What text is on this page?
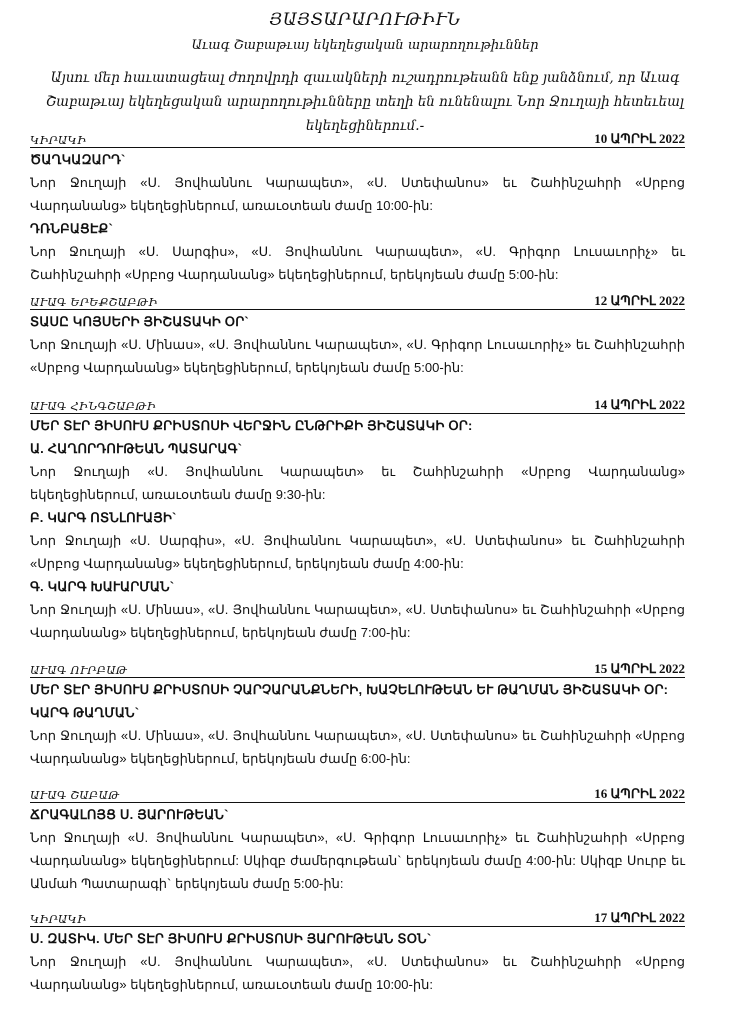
ՅԱՅՏԱՐԱՐՈՒԹԻՒՆ
Աւագ Շաբաթւայ եկեղեցական արարողութիւններ
Այսու մեր հաւատացեալ ժողովրդի զաւակների ուշադրութեանն ենք յանձնում, որ Աւագ Շաբաթւայ եկեղեցական արարողութիւնները տեղի են ունենալու Նոր Ջուղայի հետեւեալ եկեղեցիներում.-
ԿԻՐԱԿԻ	10 ԱՊՐԻԼ 2022
ԾԱՂԿԱԶԱՐԴ`
Նոր Ջուղայի «Ս. Յովհաննու Կարապետ», «Ս. Ստեփանոս» եւ Շահինշահրի «Սրբոց Վարդանանց» եկեղեցիներում, առաւօտեան ժամը 10:00-ին:
ԴՌՆԲԱՑԷՔ`
Նոր Ջուղայի «Ս. Սարգիս», «Ս. Յովհաննու Կարապետ», «Ս. Գրիգոր Լուսաւորիչ» եւ Շահինշահրի «Սրբոց Վարդանանց» եկեղեցիներում, երեկոյեան ժամը 5:00-ին:
ԱՒԱԳ ԵՐԵՔՇԱԲԹԻ	12 ԱՊՐԻԼ 2022
ՏԱՍԸ ԿՈՅՍԵՐԻ ՅԻՇԱՏԱԿԻ ՕՐ`
Նոր Ջուղայի «Ս. Մինաս», «Ս. Յովհաննու Կարապետ», «Ս. Գրիգոր Լուսաւորիչ» եւ Շահինշահրի «Սրբոց Վարդանանց» եկեղեցիներում, երեկոյեան ժամը 5:00-ին:
ԱՒԱԳ ՀԻՆԳՇԱԲԹԻ	14 ԱՊՐԻԼ 2022
ՄԵՐ ՏԷՐ ՅԻՍՈՒՍ ՔՐԻՍՏՈՍԻ ՎԵՐՋԻՆ ԸՆԹՐԻՔԻ ՅԻՇԱՏԱԿԻ ՕՐ:
Ա. ՀԱՂՈՐԴՈՒԹԵԱՆ ՊԱՏԱՐԱԳ`
Նոր Ջուղայի «Ս. Յովհաննու Կարապետ» եւ Շահինշահրի «Սրբոց Վարդանանց» եկեղեցիներում, առաւօտեան ժամը 9:30-ին:
Բ. ԿԱՐԳ ՈՏՆԼՈՒԱՅԻ`
Նոր Ջուղայի «Ս. Սարգիս», «Ս. Յովհաննու Կարապետ», «Ս. Ստեփանոս» եւ Շահինշահրի «Սրբոց Վարդանանց» եկեղեցիներում, երեկոյեան ժամը 4:00-ին:
Գ. ԿԱՐԳ ԽԱՒԱՐՄԱՆ`
Նոր Ջուղայի «Ս. Մինաս», «Ս. Յովհաննու Կարապետ», «Ս. Ստեփանոս» եւ Շահինշահրի «Սրբոց Վարդանանց» եկեղեցիներում, երեկոյեան ժամը 7:00-ին:
ԱՒԱԳ ՈՒՐԲԱԹ	15 ԱՊՐԻԼ 2022
ՄԵՐ ՏԷՐ ՅԻՍՈՒՍ ՔՐԻՍՏՈՍԻ ՉԱՐՉԱՐԱՆՔՆԵՐԻ, ԽԱՉԵԼՈՒԹԵԱՆ ԵՒ ԹԱՂՄԱՆ ՅԻՇԱՏԱԿԻ ՕՐ:
ԿԱՐԳ ԹԱՂՄԱՆ`
Նոր Ջուղայի «Ս. Մինաս», «Ս. Յովհաննու Կարապետ», «Ս. Ստեփանոս» եւ Շահինշահրի «Սրբոց Վարդանանց» եկեղեցիներում, երեկոյեան ժամը 6:00-ին:
ԱՒԱԳ ՇԱԲԱԹ	16 ԱՊՐԻԼ 2022
ՃՐԱԳԱԼՈՅՑ Ս. ՅԱՐՈՒԹԵԱՆ`
Նոր Ջուղայի «Ս. Յովհաննու Կարապետ», «Ս. Գրիգոր Լուսաւորիչ» եւ Շահինշահրի «Սրբոց Վարդանանց» եկեղեցիներում: Սկիզբ ժամերգութեան` երեկոյեան ժամը 4:00-ին: Սկիզբ Սուրբ եւ Անմահ Պատարագի` երեկոյեան ժամը 5:00-ին:
ԿԻՐԱԿԻ	17 ԱՊՐԻԼ 2022
Ս. ԶԱՏԻԿ. ՄԵՐ ՏԷՐ ՅԻՍՈՒՍ ՔՐԻՍՏՈՍԻ ՅԱՐՈՒԹԵԱՆ ՏՕՆ`
Նոր Ջուղայի «Ս. Յովհաննու Կարապետ», «Ս. Ստեփանոս» եւ Շահինշահրի «Սրբոց Վարդանանց» եկեղեցիներում, առաւօտեան ժամը 10:00-ին:
